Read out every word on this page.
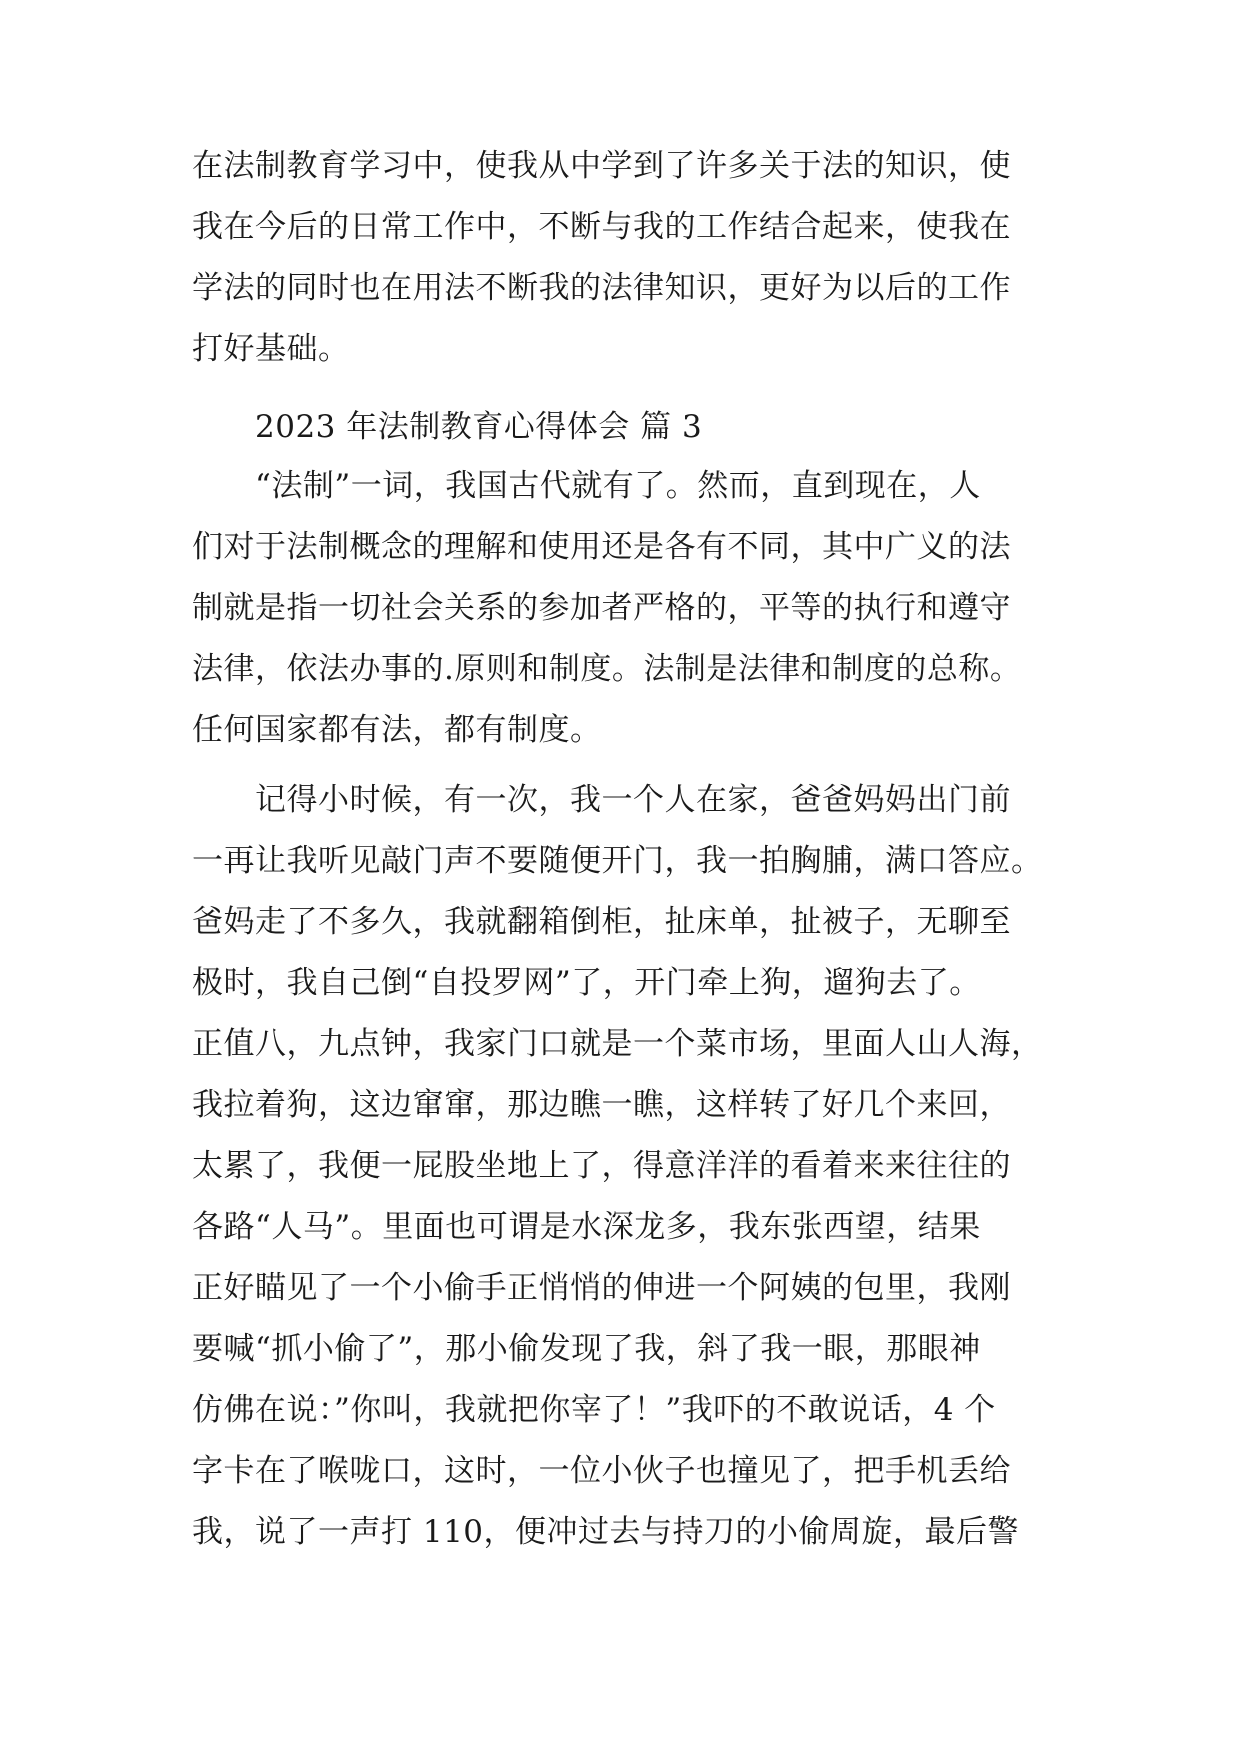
在法制教育学习中，使我从中学到了许多关于法的知识，使
我在今后的日常工作中，不断与我的工作结合起来，使我在
学法的同时也在用法不断我的法律知识，更好为以后的工作
打好基础。
2023 年法制教育心得体会 篇 3
“法制”一词，我国古代就有了。然而，直到现在，人
们对于法制概念的理解和使用还是各有不同，其中广义的法
制就是指一切社会关系的参加者严格的，平等的执行和遵守
法律，依法办事的.原则和制度。法制是法律和制度的总称。
任何国家都有法，都有制度。
记得小时候，有一次，我一个人在家，爸爸妈妈出门前
一再让我听见敲门声不要随便开门，我一拍胸脯，满口答应。
爸妈走了不多久，我就翻箱倒柜，扯床单，扯被子，无聊至
极时，我自己倒“自投罗网”了，开门牵上狗，遛狗去了。
正值八，九点钟，我家门口就是一个菜市场，里面人山人海，
我拉着狗，这边窜窜，那边瞧一瞧，这样转了好几个来回，
太累了，我便一屁股坐地上了，得意洋洋的看着来来往往的
各路“人马”。里面也可谓是水深龙多，我东张西望，结果
正好瞄见了一个小偷手正悄悄的伸进一个阿姨的包里，我刚
要喊“抓小偷了”，那小偷发现了我，斜了我一眼，那眼神
仿佛在说：”你叫，我就把你宰了！”我吓的不敢说话，4 个
字卡在了喉咙口，这时，一位小伙子也撞见了，把手机丢给
我，说了一声打 110，便冲过去与持刀的小偷周旋，最后警
